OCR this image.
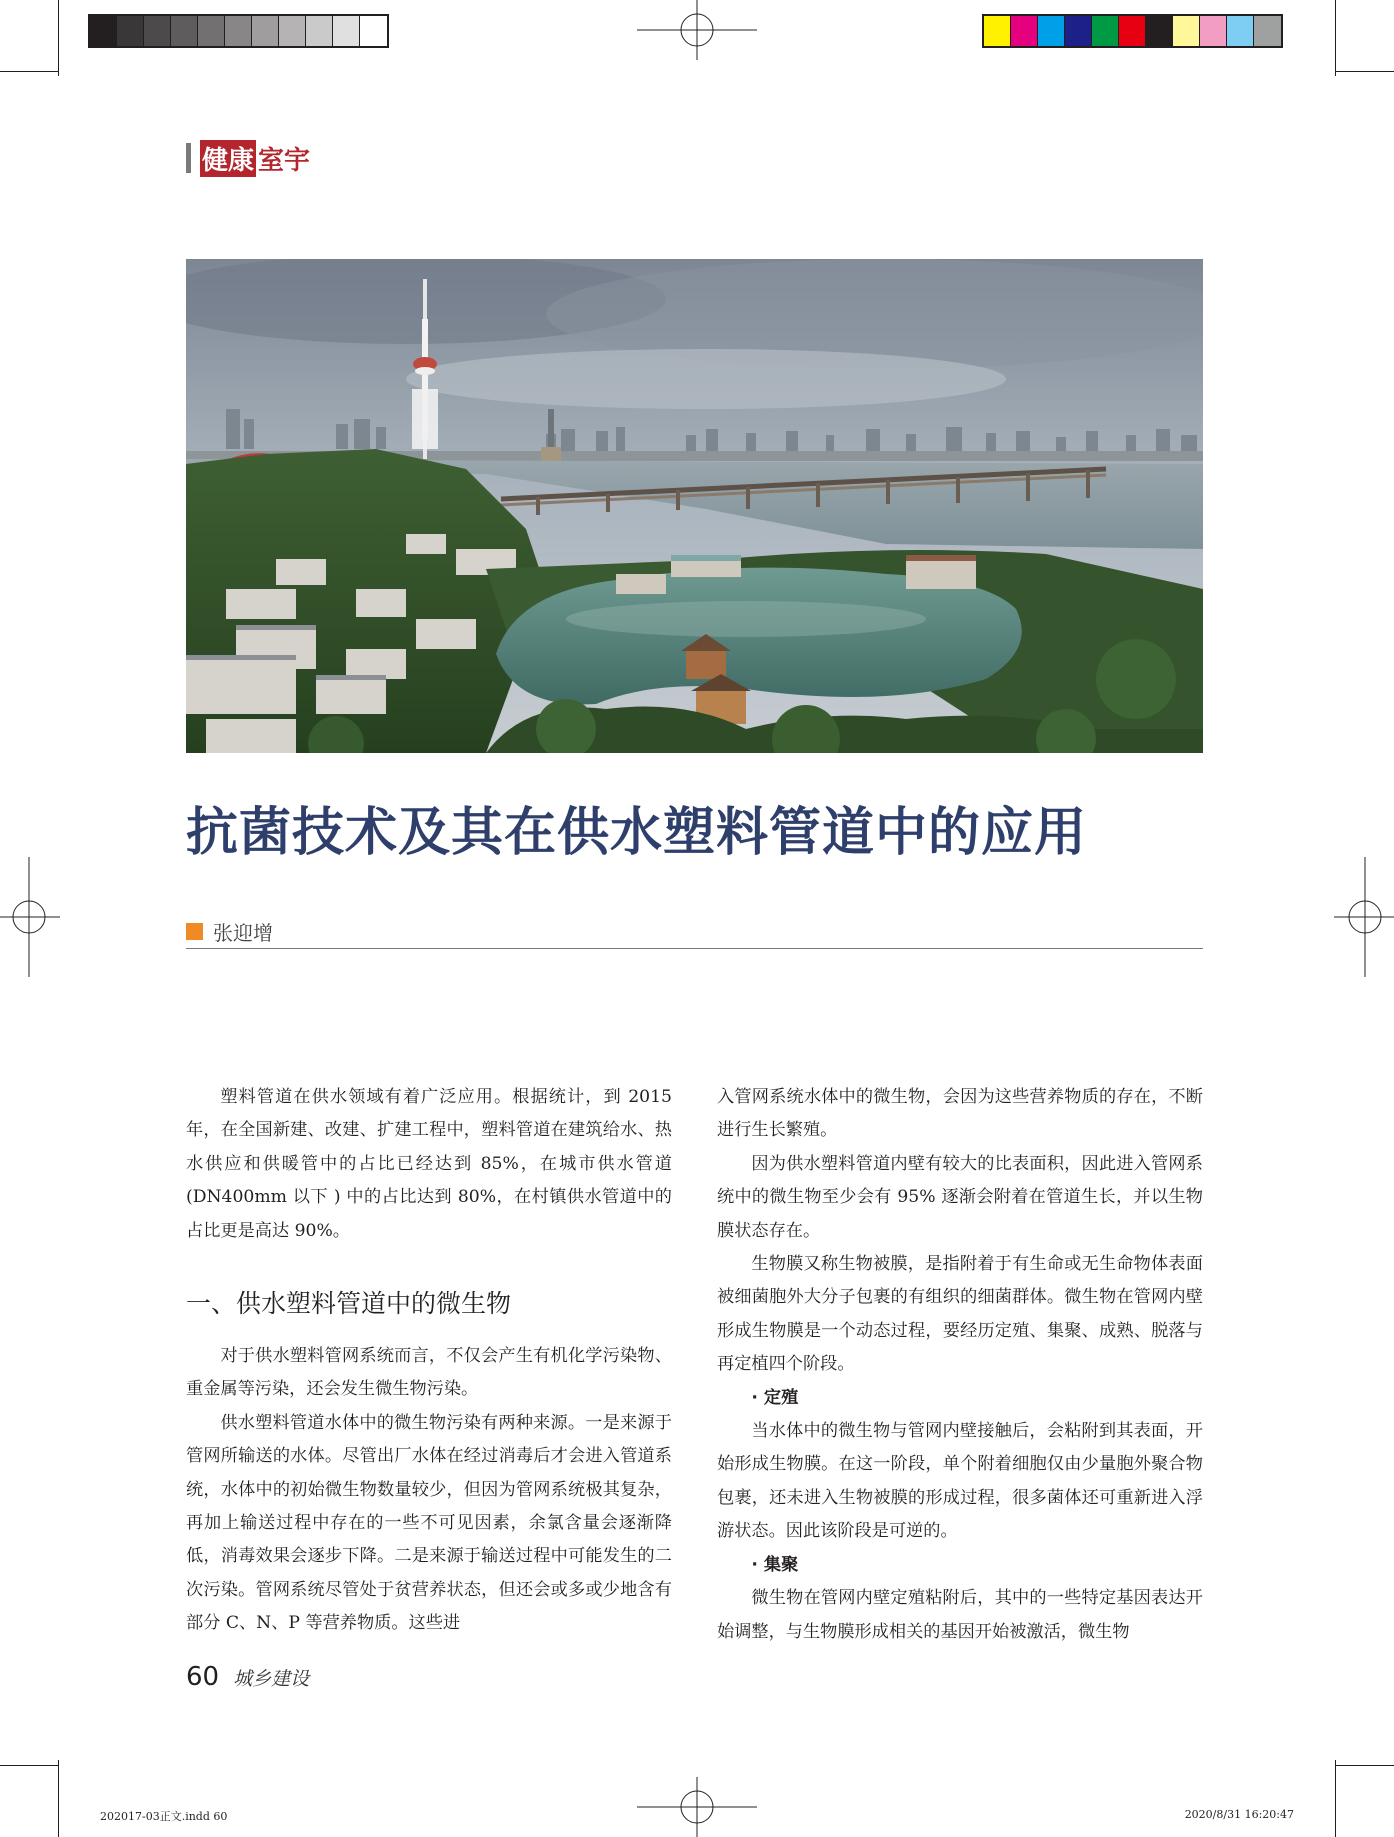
健康 室宇
抗菌技术及其在供水塑料管道中的应用
张迎增

塑料管道在供水领域有着广泛应用。根据统计，到 2015 年，在全国新建、改建、扩建工程中，塑料管道在建筑给水、热水供应和供暖管中的占比已经达到 85%，在城市供水管道 (DN400mm 以下 ) 中的占比达到 80%，在村镇供水管道中的占比更是高达 90%。

一、供水塑料管道中的微生物

对于供水塑料管网系统而言，不仅会产生有机化学污染物、重金属等污染，还会发生微生物污染。

供水塑料管道水体中的微生物污染有两种来源。一是来源于管网所输送的水体。尽管出厂水体在经过消毒后才会进入管道系统，水体中的初始微生物数量较少，但因为管网系统极其复杂，再加上输送过程中存在的一些不可见因素，余氯含量会逐渐降低，消毒效果会逐步下降。二是来源于输送过程中可能发生的二次污染。管网系统尽管处于贫营养状态，但还会或多或少地含有部分 C、N、P 等营养物质。这些进

入管网系统水体中的微生物，会因为这些营养物质的存在，不断进行生长繁殖。

因为供水塑料管道内壁有较大的比表面积，因此进入管网系统中的微生物至少会有 95% 逐渐会附着在管道生长，并以生物膜状态存在。

生物膜又称生物被膜，是指附着于有生命或无生命物体表面被细菌胞外大分子包裹的有组织的细菌群体。微生物在管网内壁形成生物膜是一个动态过程，要经历定殖、集聚、成熟、脱落与再定植四个阶段。

· 定殖

当水体中的微生物与管网内壁接触后，会粘附到其表面，开始形成生物膜。在这一阶段，单个附着细胞仅由少量胞外聚合物包裹，还未进入生物被膜的形成过程，很多菌体还可重新进入浮游状态。因此该阶段是可逆的。

· 集聚

微生物在管网内壁定殖粘附后，其中的一些特定基因表达开始调整，与生物膜形成相关的基因开始被激活，微生物

60 城乡建设
202017-03正文.indd 60	2020/8/31 16:20:47
